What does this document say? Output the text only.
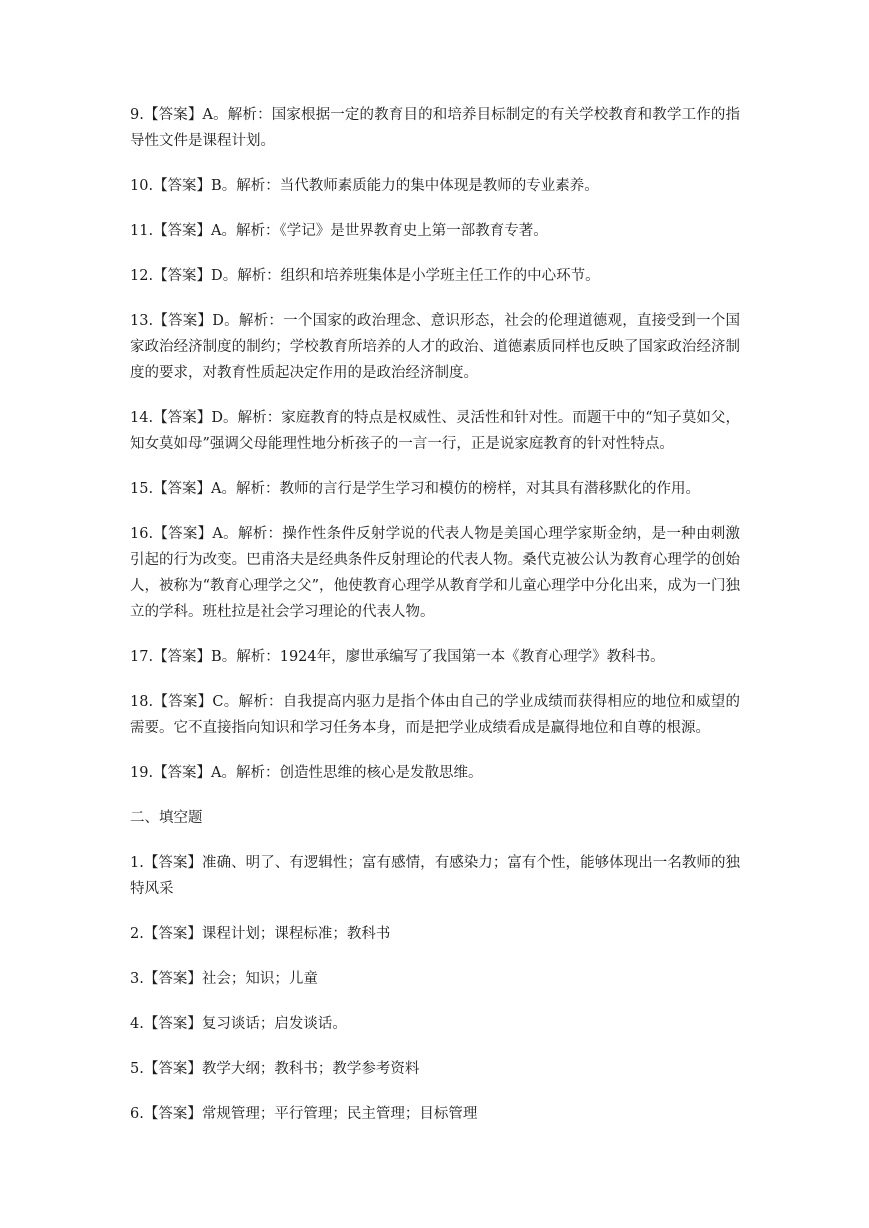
9.【答案】A。解析：国家根据一定的教育目的和培养目标制定的有关学校教育和教学工作的指导性文件是课程计划。

10.【答案】B。解析：当代教师素质能力的集中体现是教师的专业素养。

11.【答案】A。解析：《学记》是世界教育史上第一部教育专著。

12.【答案】D。解析：组织和培养班集体是小学班主任工作的中心环节。

13.【答案】D。解析：一个国家的政治理念、意识形态，社会的伦理道德观，直接受到一个国家政治经济制度的制约；学校教育所培养的人才的政治、道德素质同样也反映了国家政治经济制度的要求，对教育性质起决定作用的是政治经济制度。

14.【答案】D。解析：家庭教育的特点是权威性、灵活性和针对性。而题干中的“知子莫如父，知女莫如母”强调父母能理性地分析孩子的一言一行，正是说家庭教育的针对性特点。

15.【答案】A。解析：教师的言行是学生学习和模仿的榜样，对其具有潜移默化的作用。

16.【答案】A。解析：操作性条件反射学说的代表人物是美国心理学家斯金纳，是一种由刺激引起的行为改变。巴甫洛夫是经典条件反射理论的代表人物。桑代克被公认为教育心理学的创始人，被称为“教育心理学之父”，他使教育心理学从教育学和儿童心理学中分化出来，成为一门独立的学科。班杜拉是社会学习理论的代表人物。

17.【答案】B。解析：1924年，廖世承编写了我国第一本《教育心理学》教科书。

18.【答案】C。解析：自我提高内驱力是指个体由自己的学业成绩而获得相应的地位和威望的需要。它不直接指向知识和学习任务本身，而是把学业成绩看成是赢得地位和自尊的根源。

19.【答案】A。解析：创造性思维的核心是发散思维。

二、填空题

1.【答案】准确、明了、有逻辑性；富有感情，有感染力；富有个性，能够体现出一名教师的独特风采

2.【答案】课程计划；课程标准；教科书

3.【答案】社会；知识；儿童

4.【答案】复习谈话；启发谈话。

5.【答案】教学大纲；教科书；教学参考资料

6.【答案】常规管理；平行管理；民主管理；目标管理
